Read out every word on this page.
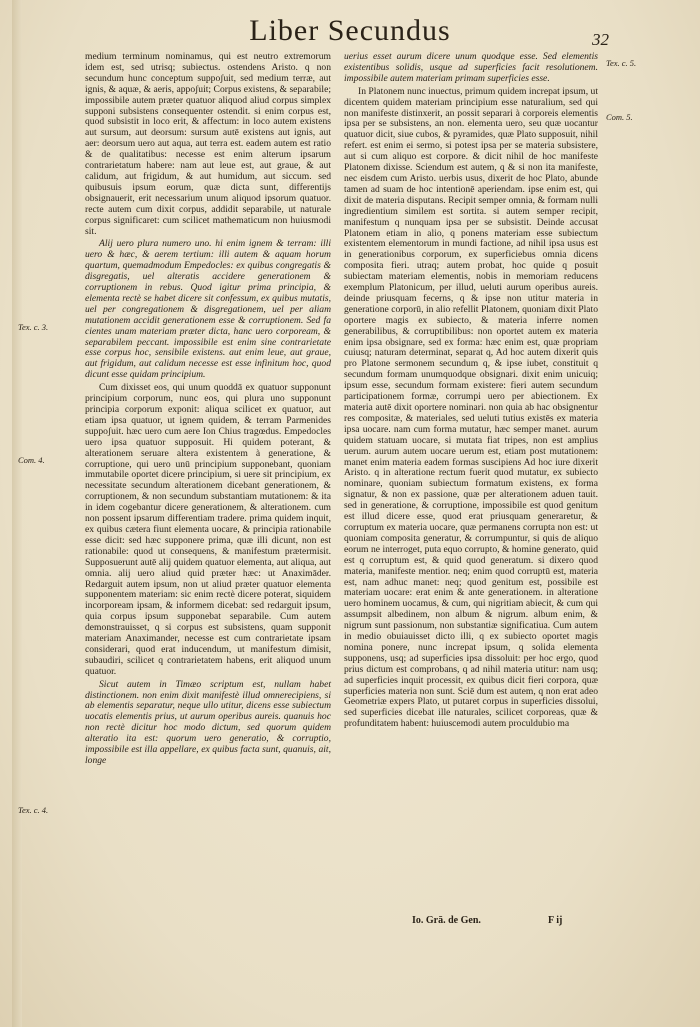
Liber Secundus	32
Tex. c. 3.
Com. 4.
Tex. c. 4.
Tex. c. 5.
Com. 5.

medium terminum nominamus, qui est neutro extremorum idem est, sed utrisq; subiectus. ostendens Aristo. q non secundum hunc conceptum suppoʃuit, sed medium terræ, aut ignis, & aquæ, & aeris, appoʃuit; Corpus existens, & separabile; impossibile autem præter quatuor aliquod aliud corpus simplex supponi subsistens consequenter ostendit. si enim corpus est, quod subsistit in loco erit, & affectum: in loco autem existens aut sursum, aut deorsum: sursum autē existens aut ignis, aut aer: deorsum uero aut aqua, aut terra est. eadem autem est ratio & de qualitatibus: necesse est enim alterum ipsarum contrarietatum habere: nam aut leue est, aut graue, & aut calidum, aut frigidum, & aut humidum, aut siccum. sed quibusuis ipsum eorum, quæ dicta sunt, differentijs obsignauerit, erit necessarium unum aliquod ipsorum quatuor. recte autem cum dixit corpus, addidit separabile, ut naturale corpus significaret: cum scilicet mathematicum non huiusmodi sit.

Alij uero plura numero uno. hi enim ignem & terram: illi uero & hæc, & aerem tertium: illi autem & aquam horum quartum, quemadmodum Empedocles: ex quibus congregatis & disgregatis, uel alteratis accidere generationem & corruptionem in rebus. Quod igitur prima principia, & elementa rectè se habet dicere sit confessum, ex quibus mutatis, uel per congregationem & disgregationem, uel per aliam mutationem accidit generationem esse & corruptionem. Sed fa cientes unam materiam præter dicta, hanc uero corpoream, & separabilem peccant. impossibile est enim sine contrarietate esse corpus hoc, sensibile existens. aut enim leue, aut graue, aut frigidum, aut calidum necesse est esse infinitum hoc, quod dicunt esse quidam principium.

Cum dixisset eos, qui unum quoddā ex quatuor supponunt principium corporum, nunc eos, qui plura uno supponunt principia corporum exponit: aliqua scilicet ex quatuor, aut etiam ipsa quatuor, ut ignem quidem, & terram Parmenides suppoʃuit. hæc uero cum aere Ion Chius tragœdus. Empedocles uero ipsa quatuor supposuit. Hi quidem poterant, & alterationem seruare altera existentem à generatione, & corruptione, qui uero unū principium supponebant, quoniam immutabile oportet dicere principium, si uere sit principium, ex necessitate secundum alterationem dicebant generationem, & corruptionem, & non secundum substantiam mutationem: & ita in idem cogebantur dicere generationem, & alterationem. cum non possent ipsarum differentiam tradere. prima quidem inquit, ex quibus cætera fiunt elementa uocare, & principia rationabile esse dicit: sed hæc supponere prima, quæ illi dicunt, non est rationabile: quod ut consequens, & manifestum prætermisit. Supposuerunt autē alij quidem quatuor elementa, aut aliqua, aut omnia. alij uero aliud quid præter hæc: ut Anaximāder. Redarguit autem ipsum, non ut aliud præter quatuor elementa supponentem materiam: sic enim rectè dicere poterat, siquidem incorpoream ipsam, & informem dicebat: sed redarguit ipsum, quia corpus ipsum supponebat separabile. Cum autem demonstrauisset, q si corpus est subsistens, quam supponit materiam Anaximander, necesse est cum contrarietate ipsam considerari, quod erat inducendum, ut manifestum dimisit, subaudiri, scilicet q contrarietatem habens, erit aliquod unum quatuor.

Sicut autem in Timæo scriptum est, nullam habet distinctionem. non enim dixit manifestè illud omnerecipiens, si ab elementis separatur, neque ullo utitur, dicens esse subiectum uocatis elementis prius, ut aurum operibus aureis. quanuis hoc non rectè dicitur hoc modo dictum, sed quorum quidem alteratio ita est: quorum uero generatio, & corruptio, impossibile est illa appellare, ex quibus facta sunt, quanuis, ait, longe

uerius esset aurum dicere unum quodque esse. Sed elementis existentibus solidis, usque ad superficies facit resolutionem. impossibile autem materiam primam superficies esse.

In Platonem nunc inuectus, primum quidem increpat ipsum, ut dicentem quidem materiam principium esse naturalium, sed qui non manifeste distinxerit, an possit separari à corporeis elementis ipsa per se subsistens, an non. elementa uero, seu quæ uocantur quatuor dicit, siue cubos, & pyramides, quæ Plato supposuit, nihil refert. est enim ei sermo, si potest ipsa per se materia subsistere, aut si cum aliquo est corpore. & dicit nihil de hoc manifeste Platonem dixisse. Sciendum est autem, q & si non ita manifeste, nec eisdem cum Aristo. uerbis usus, dixerit de hoc Plato, abunde tamen ad suam de hoc intentionē aperiendam. ipse enim est, qui dixit de materia disputans. Recipit semper omnia, & formam nulli ingredientium similem est sortita. si autem semper recipit, manifestum q nunquam ipsa per se subsistit. Deinde accusat Platonem etiam in alio, q ponens materiam esse subiectum existentem elementorum in mundi factione, ad nihil ipsa usus est in generationibus corporum, ex superficiebus omnia dicens composita fieri. utraq; autem probat, hoc quide q posuit subiectam materiam elementis, nobis in memoriam reducens exemplum Platonicum, per illud, ueluti aurum operibus aureis. deinde priusquam fecerns, q & ipse non utitur materia in generatione corporū, in alio refellit Platonem, quoniam dixit Plato oportere magis ex subiecto, & materia inferre nomen generabilibus, & corruptibilibus: non oportet autem ex materia enim ipsa obsignare, sed ex forma: hæc enim est, quæ propriam cuiusq; naturam determinat, separat q, Ad hoc autem dixerit quis pro Platone sermonem secundum q, & ipse iubet, constituit q secundum formam unumquodque obsignari. dixit enim unicuiq; ipsum esse, secundum formam existere: fieri autem secundum participationem formæ, corrumpi uero per abiectionem. Ex materia autē dixit oportere nominari. non quia ab hac obsignentur res compositæ, & materiales, sed ueluti tutius existēs ex materia ipsa uocare. nam cum forma mutatur, hæc semper manet. aurum quidem statuam uocare, si mutata fiat tripes, non est amplius uerum. aurum autem uocare uerum est, etiam post mutationem: manet enim materia eadem formas suscipiens Ad hoc iure dixerit Aristo. q in alteratione rectum fuerit quod mutatur, ex subiecto nominare, quoniam subiectum formatum existens, ex forma signatur, & non ex passione, quæ per alterationem aduen tauit. sed in generatione, & corruptione, impossibile est quod genitum est illud dicere esse, quod erat priusquam generaretur, & corruptum ex materia uocare, quæ permanens corrupta non est: ut quoniam composita generatur, & corrumpuntur, si quis de aliquo eorum ne interroget, puta equo corrupto, & homine generato, quid est q corruptum est, & quid quod generatum. si dixero quod materia, manifeste mentior. neq; enim quod corruptū est, materia est, nam adhuc manet: neq; quod genitum est, possibile est materiam uocare: erat enim & ante generationem. in alteratione uero hominem uocamus, & cum, qui nigritiam abiecit, & cum qui assumpsit albedinem, non album & nigrum. album enim, & nigrum sunt passionum, non substantiæ significatiua. Cum autem in medio obuiauisset dicto illi, q ex subiecto oportet magis nomina ponere, nunc increpat ipsum, q solida elementa supponens, usq; ad superficies ipsa dissoluit: per hoc ergo, quod prius dictum est comprobans, q ad nihil materia utitur: nam usq; ad superficies inquit processit, ex quibus dicit fieri corpora, quæ superficies materia non sunt. Sciē dum est autem, q non erat adeo Geometriæ expers Plato, ut putaret corpus in superficies dissolui, sed superficies dicebat ille naturales, scilicet corporeas, quæ & profunditatem habent: huiuscemodi autem proculdubio ma

Io. Grā. de Gen.	F ij
